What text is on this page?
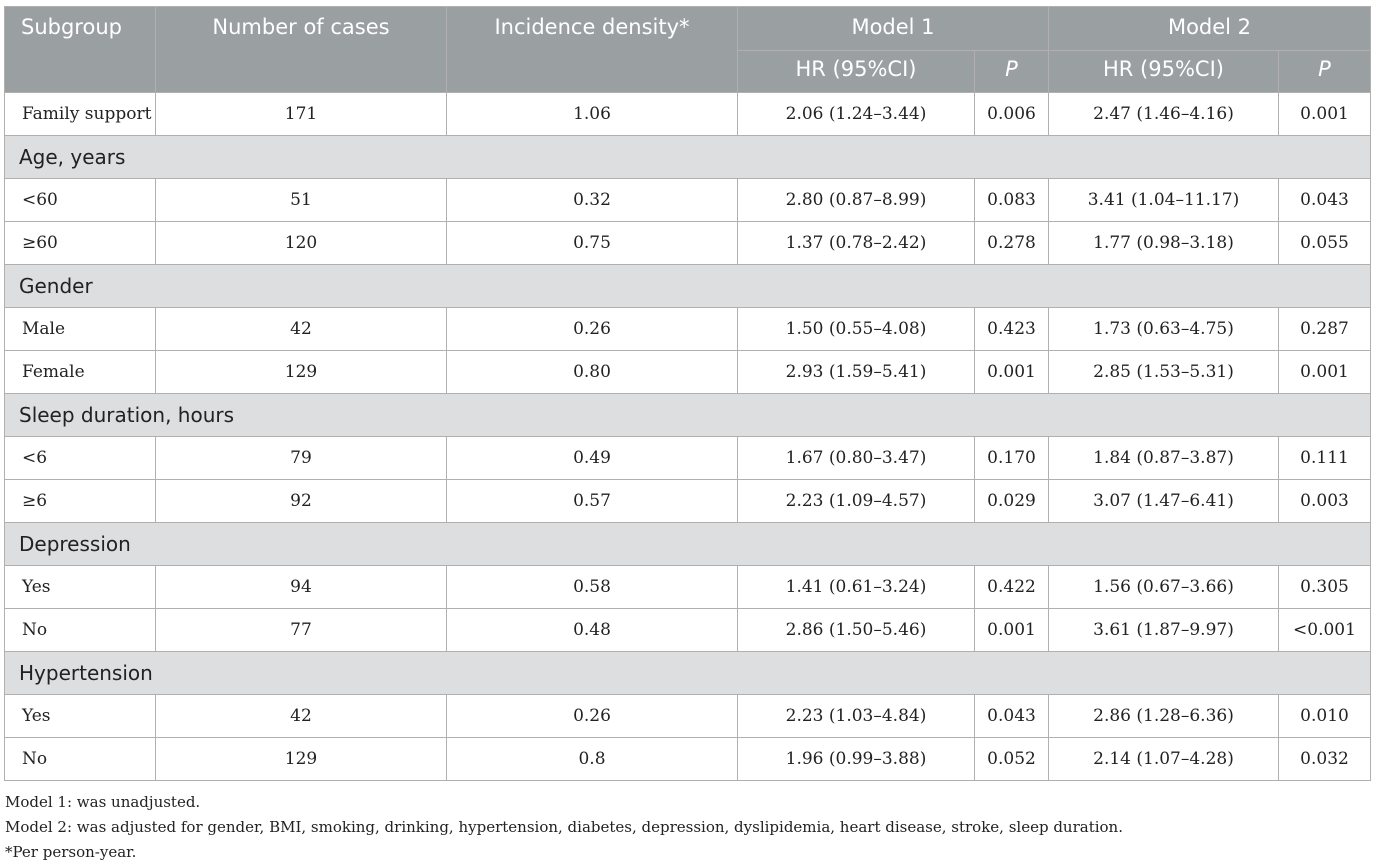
Subgroup	Number of cases	Incidence density*	Model 1		Model 2	
			HR (95%CI)	P	HR (95%CI)	P
Family support	171	1.06	2.06 (1.24–3.44)	0.006	2.47 (1.46–4.16)	0.001
Age, years						
<60	51	0.32	2.80 (0.87–8.99)	0.083	3.41 (1.04–11.17)	0.043
≥60	120	0.75	1.37 (0.78–2.42)	0.278	1.77 (0.98–3.18)	0.055
Gender						
Male	42	0.26	1.50 (0.55–4.08)	0.423	1.73 (0.63–4.75)	0.287
Female	129	0.80	2.93 (1.59–5.41)	0.001	2.85 (1.53–5.31)	0.001
Sleep duration, hours						
<6	79	0.49	1.67 (0.80–3.47)	0.170	1.84 (0.87–3.87)	0.111
≥6	92	0.57	2.23 (1.09–4.57)	0.029	3.07 (1.47–6.41)	0.003
Depression						
Yes	94	0.58	1.41 (0.61–3.24)	0.422	1.56 (0.67–3.66)	0.305
No	77	0.48	2.86 (1.50–5.46)	0.001	3.61 (1.87–9.97)	<0.001
Hypertension						
Yes	42	0.26	2.23 (1.03–4.84)	0.043	2.86 (1.28–6.36)	0.010
No	129	0.8	1.96 (0.99–3.88)	0.052	2.14 (1.07–4.28)	0.032
Model 1: was unadjusted.
Model 2: was adjusted for gender, BMI, smoking, drinking, hypertension, diabetes, depression, dyslipidemia, heart disease, stroke, sleep duration.
*Per person-year.
